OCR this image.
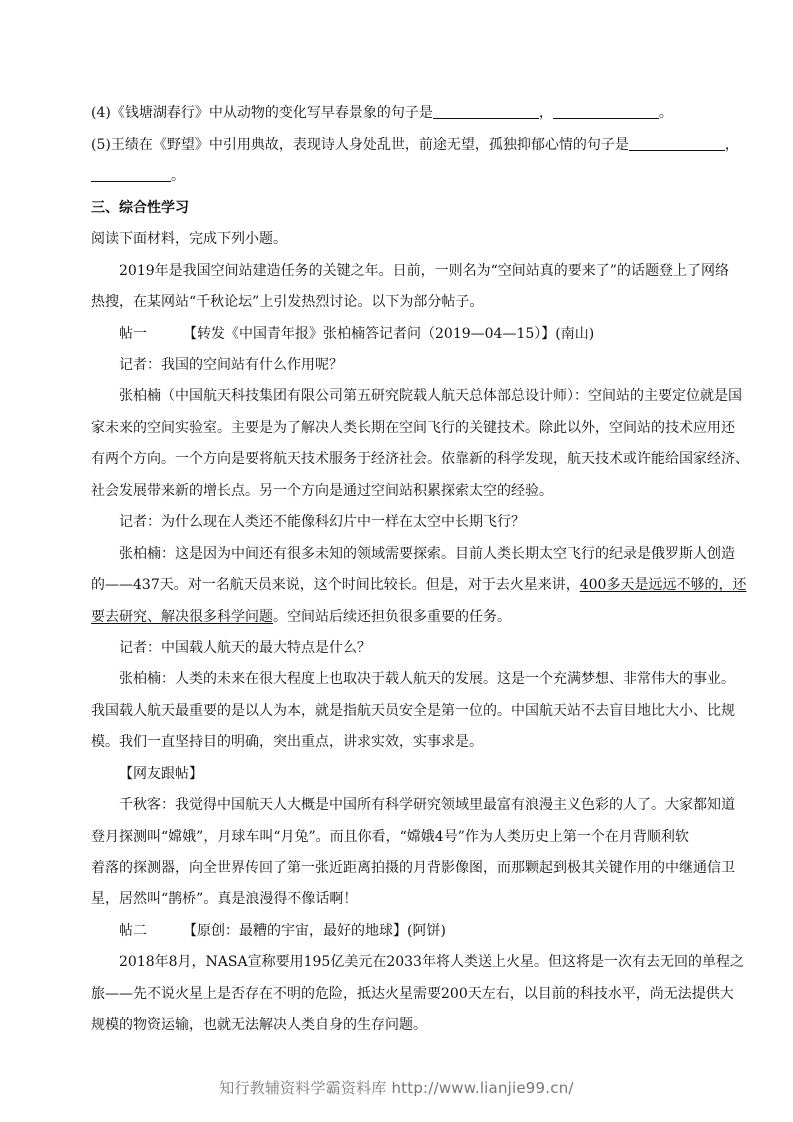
(4)《钱塘湖春行》中从动物的变化写早春景象的句子是	，	。
(5)王绩在《野望》中引用典故，表现诗人身处乱世，前途无望，孤独抑郁心情的句子是	，
。
三、综合性学习
阅读下面材料，完成下列小题。
2019年是我国空间站建造任务的关键之年。日前，一则名为“空间站真的要来了”的话题登上了网络
热搜，在某网站“千秋论坛”上引发热烈讨论。以下为部分帖子。
帖一	【转发《中国青年报》张柏楠答记者问（2019—04—15）】(南山)
记者：我国的空间站有什么作用呢？
张柏楠（中国航天科技集团有限公司第五研究院载人航天总体部总设计师）：空间站的主要定位就是国
家未来的空间实验室。主要是为了解决人类长期在空间飞行的关键技术。除此以外，空间站的技术应用还
有两个方向。一个方向是要将航天技术服务于经济社会。依靠新的科学发现，航天技术或许能给国家经济、
社会发展带来新的增长点。另一个方向是通过空间站积累探索太空的经验。
记者：为什么现在人类还不能像科幻片中一样在太空中长期飞行？
张柏楠：这是因为中间还有很多未知的领域需要探索。目前人类长期太空飞行的纪录是俄罗斯人创造
的——437天。对一名航天员来说，这个时间比较长。但是，对于去火星来讲，400多天是远远不够的，还
要去研究、解决很多科学问题。空间站后续还担负很多重要的任务。
记者：中国载人航天的最大特点是什么？
张柏楠：人类的未来在很大程度上也取决于载人航天的发展。这是一个充满梦想、非常伟大的事业。
我国载人航天最重要的是以人为本，就是指航天员安全是第一位的。中国航天站不去盲目地比大小、比规
模。我们一直坚持目的明确，突出重点，讲求实效，实事求是。
【网友跟帖】
千秋客：我觉得中国航天人大概是中国所有科学研究领域里最富有浪漫主义色彩的人了。大家都知道
登月探测叫“嫦娥”，月球车叫“月兔”。而且你看，“嫦娥4号”作为人类历史上第一个在月背顺利软
着落的探测器，向全世界传回了第一张近距离拍摄的月背影像图，而那颗起到极其关键作用的中继通信卫
星，居然叫“鹊桥”。真是浪漫得不像话啊！
帖二	【原创：最糟的宇宙，最好的地球】(阿饼)
2018年8月，NASA宣称要用195亿美元在2033年将人类送上火星。但这将是一次有去无回的单程之
旅——先不说火星上是否存在不明的危险，抵达火星需要200天左右，以目前的科技水平，尚无法提供大
规模的物资运输，也就无法解决人类自身的生存问题。
知行教辅资料学霸资料库 http://www.lianjie99.cn/
